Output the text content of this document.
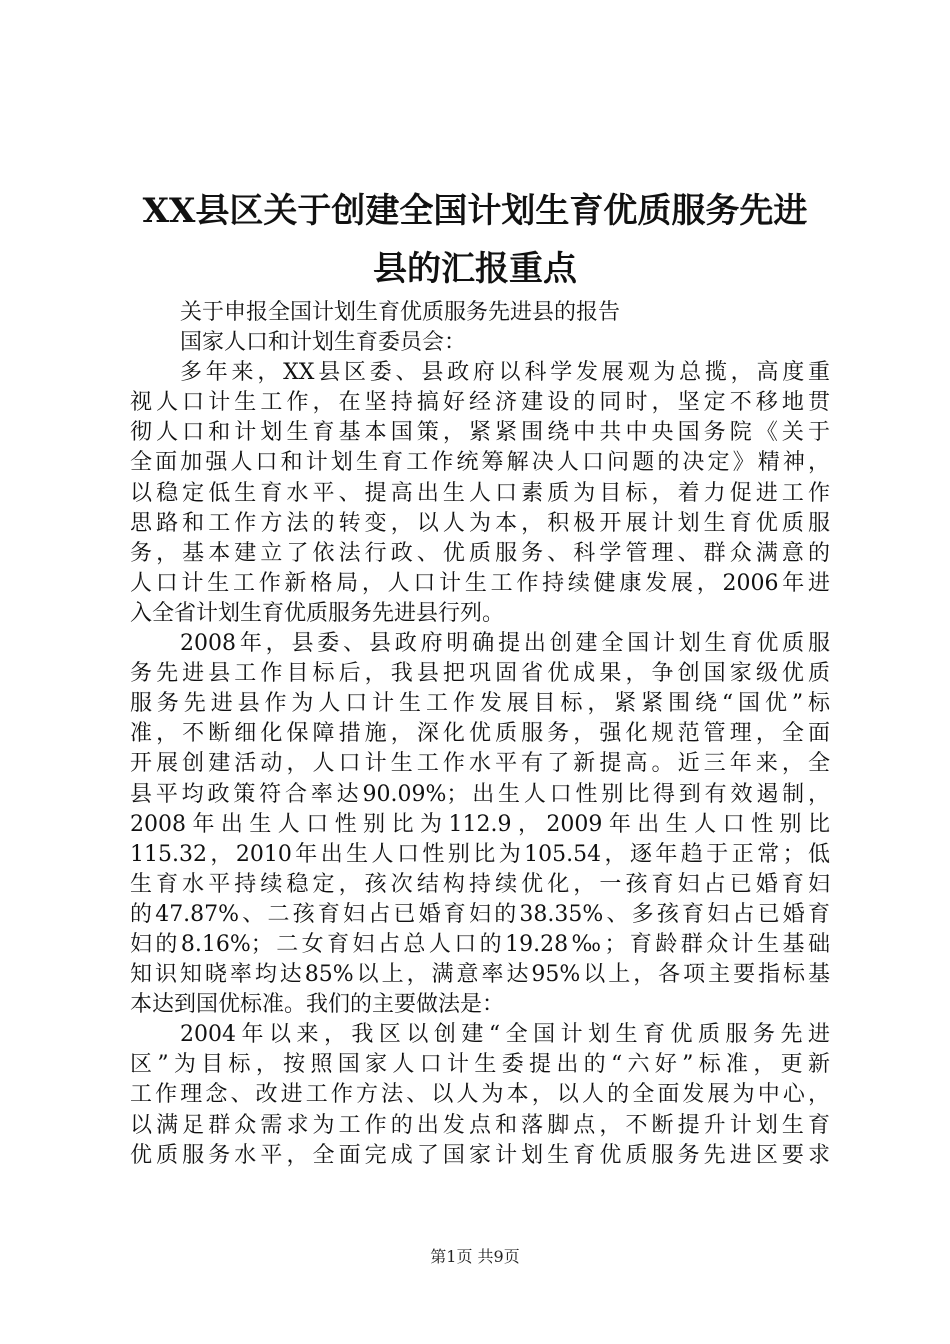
XX县区关于创建全国计划生育优质服务先进
县的汇报重点
关于申报全国计划生育优质服务先进县的报告
国家人口和计划生育委员会：
多年来，XX县区委、县政府以科学发展观为总揽，高度重
视人口计生工作，在坚持搞好经济建设的同时，坚定不移地贯
彻人口和计划生育基本国策，紧紧围绕中共中央国务院《关于
全面加强人口和计划生育工作统筹解决人口问题的决定》精神，
以稳定低生育水平、提高出生人口素质为目标，着力促进工作
思路和工作方法的转变，以人为本，积极开展计划生育优质服
务，基本建立了依法行政、优质服务、科学管理、群众满意的
人口计生工作新格局，人口计生工作持续健康发展，2006年进
入全省计划生育优质服务先进县行列。
2008年，县委、县政府明确提出创建全国计划生育优质服
务先进县工作目标后，我县把巩固省优成果，争创国家级优质
服务先进县作为人口计生工作发展目标，紧紧围绕“国优”标
准，不断细化保障措施，深化优质服务，强化规范管理，全面
开展创建活动，人口计生工作水平有了新提高。近三年来，全
县平均政策符合率达90.09%；出生人口性别比得到有效遏制，
2008年出生人口性别比为112.9，2009年出生人口性别比
115.32，2010年出生人口性别比为105.54，逐年趋于正常；低
生育水平持续稳定，孩次结构持续优化，一孩育妇占已婚育妇
的47.87%、二孩育妇占已婚育妇的38.35%、多孩育妇占已婚育
妇的8.16%；二女育妇占总人口的19.28‰；育龄群众计生基础
知识知晓率均达85%以上，满意率达95%以上，各项主要指标基
本达到国优标准。我们的主要做法是：
2004年以来，我区以创建“全国计划生育优质服务先进
区”为目标，按照国家人口计生委提出的“六好”标准，更新
工作理念、改进工作方法、以人为本，以人的全面发展为中心，
以满足群众需求为工作的出发点和落脚点，不断提升计划生育
优质服务水平，全面完成了国家计划生育优质服务先进区要求
第1页 共9页
